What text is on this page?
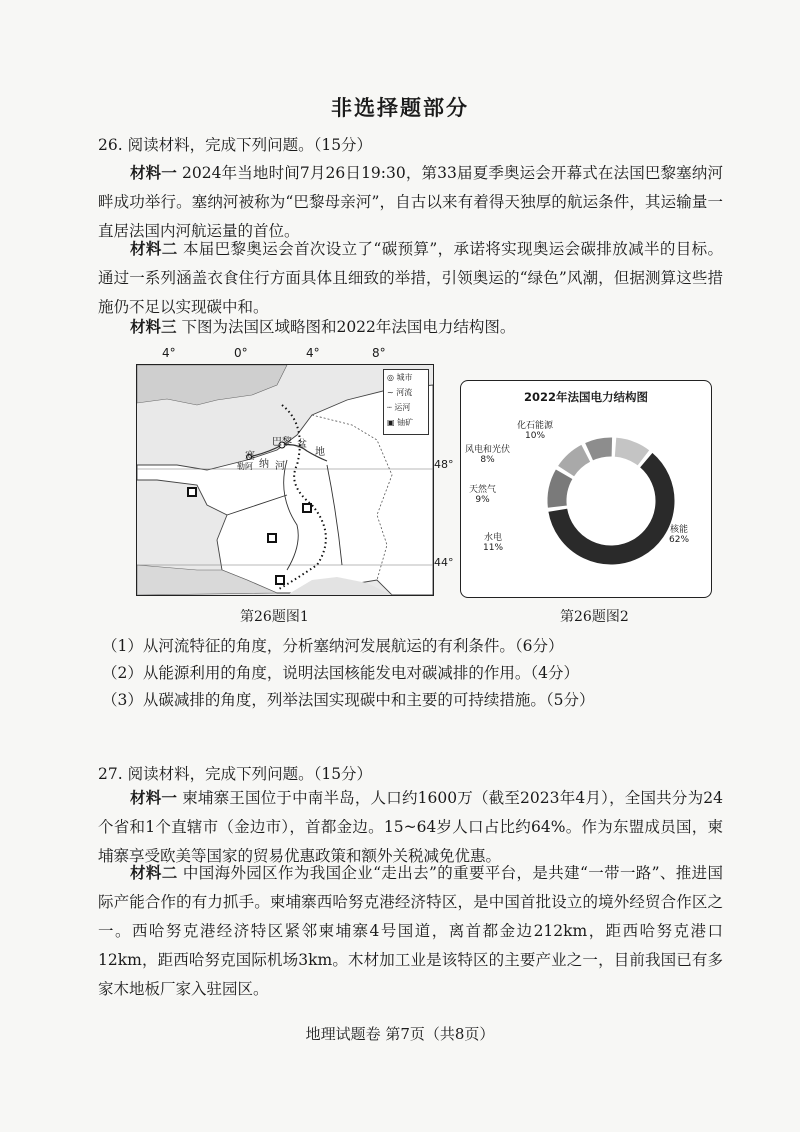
非选择题部分
26. 阅读材料，完成下列问题。（15分）
材料一 2024年当地时间7月26日19:30，第33届夏季奥运会开幕式在法国巴黎塞纳河畔成功举行。塞纳河被称为“巴黎母亲河”，自古以来有着得天独厚的航运条件，其运输量一直居法国内河航运量的首位。
材料二 本届巴黎奥运会首次设立了“碳预算”，承诺将实现奥运会碳排放减半的目标。通过一系列涵盖衣食住行方面具体且细致的举措，引领奥运的“绿色”风潮，但据测算这些措施仍不足以实现碳中和。
材料三 下图为法国区域略图和2022年法国电力结构图。
4°	0°	4°	8°
◎ 城市
~ 河流
┄ 运河
▣ 铀矿
塞
纳
巴黎
河
盆
地
勒阿	48°
44°
第26题图1
2022年法国电力结构图
核能
62%
水电
11%
天然气
9%
风电和光伏
8%
化石能源
10%
第26题图2
（1）从河流特征的角度，分析塞纳河发展航运的有利条件。（6分）
（2）从能源利用的角度，说明法国核能发电对碳减排的作用。（4分）
（3）从碳减排的角度，列举法国实现碳中和主要的可持续措施。（5分）
27. 阅读材料，完成下列问题。（15分）
材料一 柬埔寨王国位于中南半岛，人口约1600万（截至2023年4月），全国共分为24个省和1个直辖市（金边市），首都金边。15~64岁人口占比约64%。作为东盟成员国，柬埔寨享受欧美等国家的贸易优惠政策和额外关税减免优惠。
材料二 中国海外园区作为我国企业“走出去”的重要平台，是共建“一带一路”、推进国际产能合作的有力抓手。柬埔寨西哈努克港经济特区，是中国首批设立的境外经贸合作区之一。西哈努克港经济特区紧邻柬埔寨4号国道，离首都金边212km，距西哈努克港口12km，距西哈努克国际机场3km。木材加工业是该特区的主要产业之一，目前我国已有多家木地板厂家入驻园区。
地理试题卷 第7页（共8页）
